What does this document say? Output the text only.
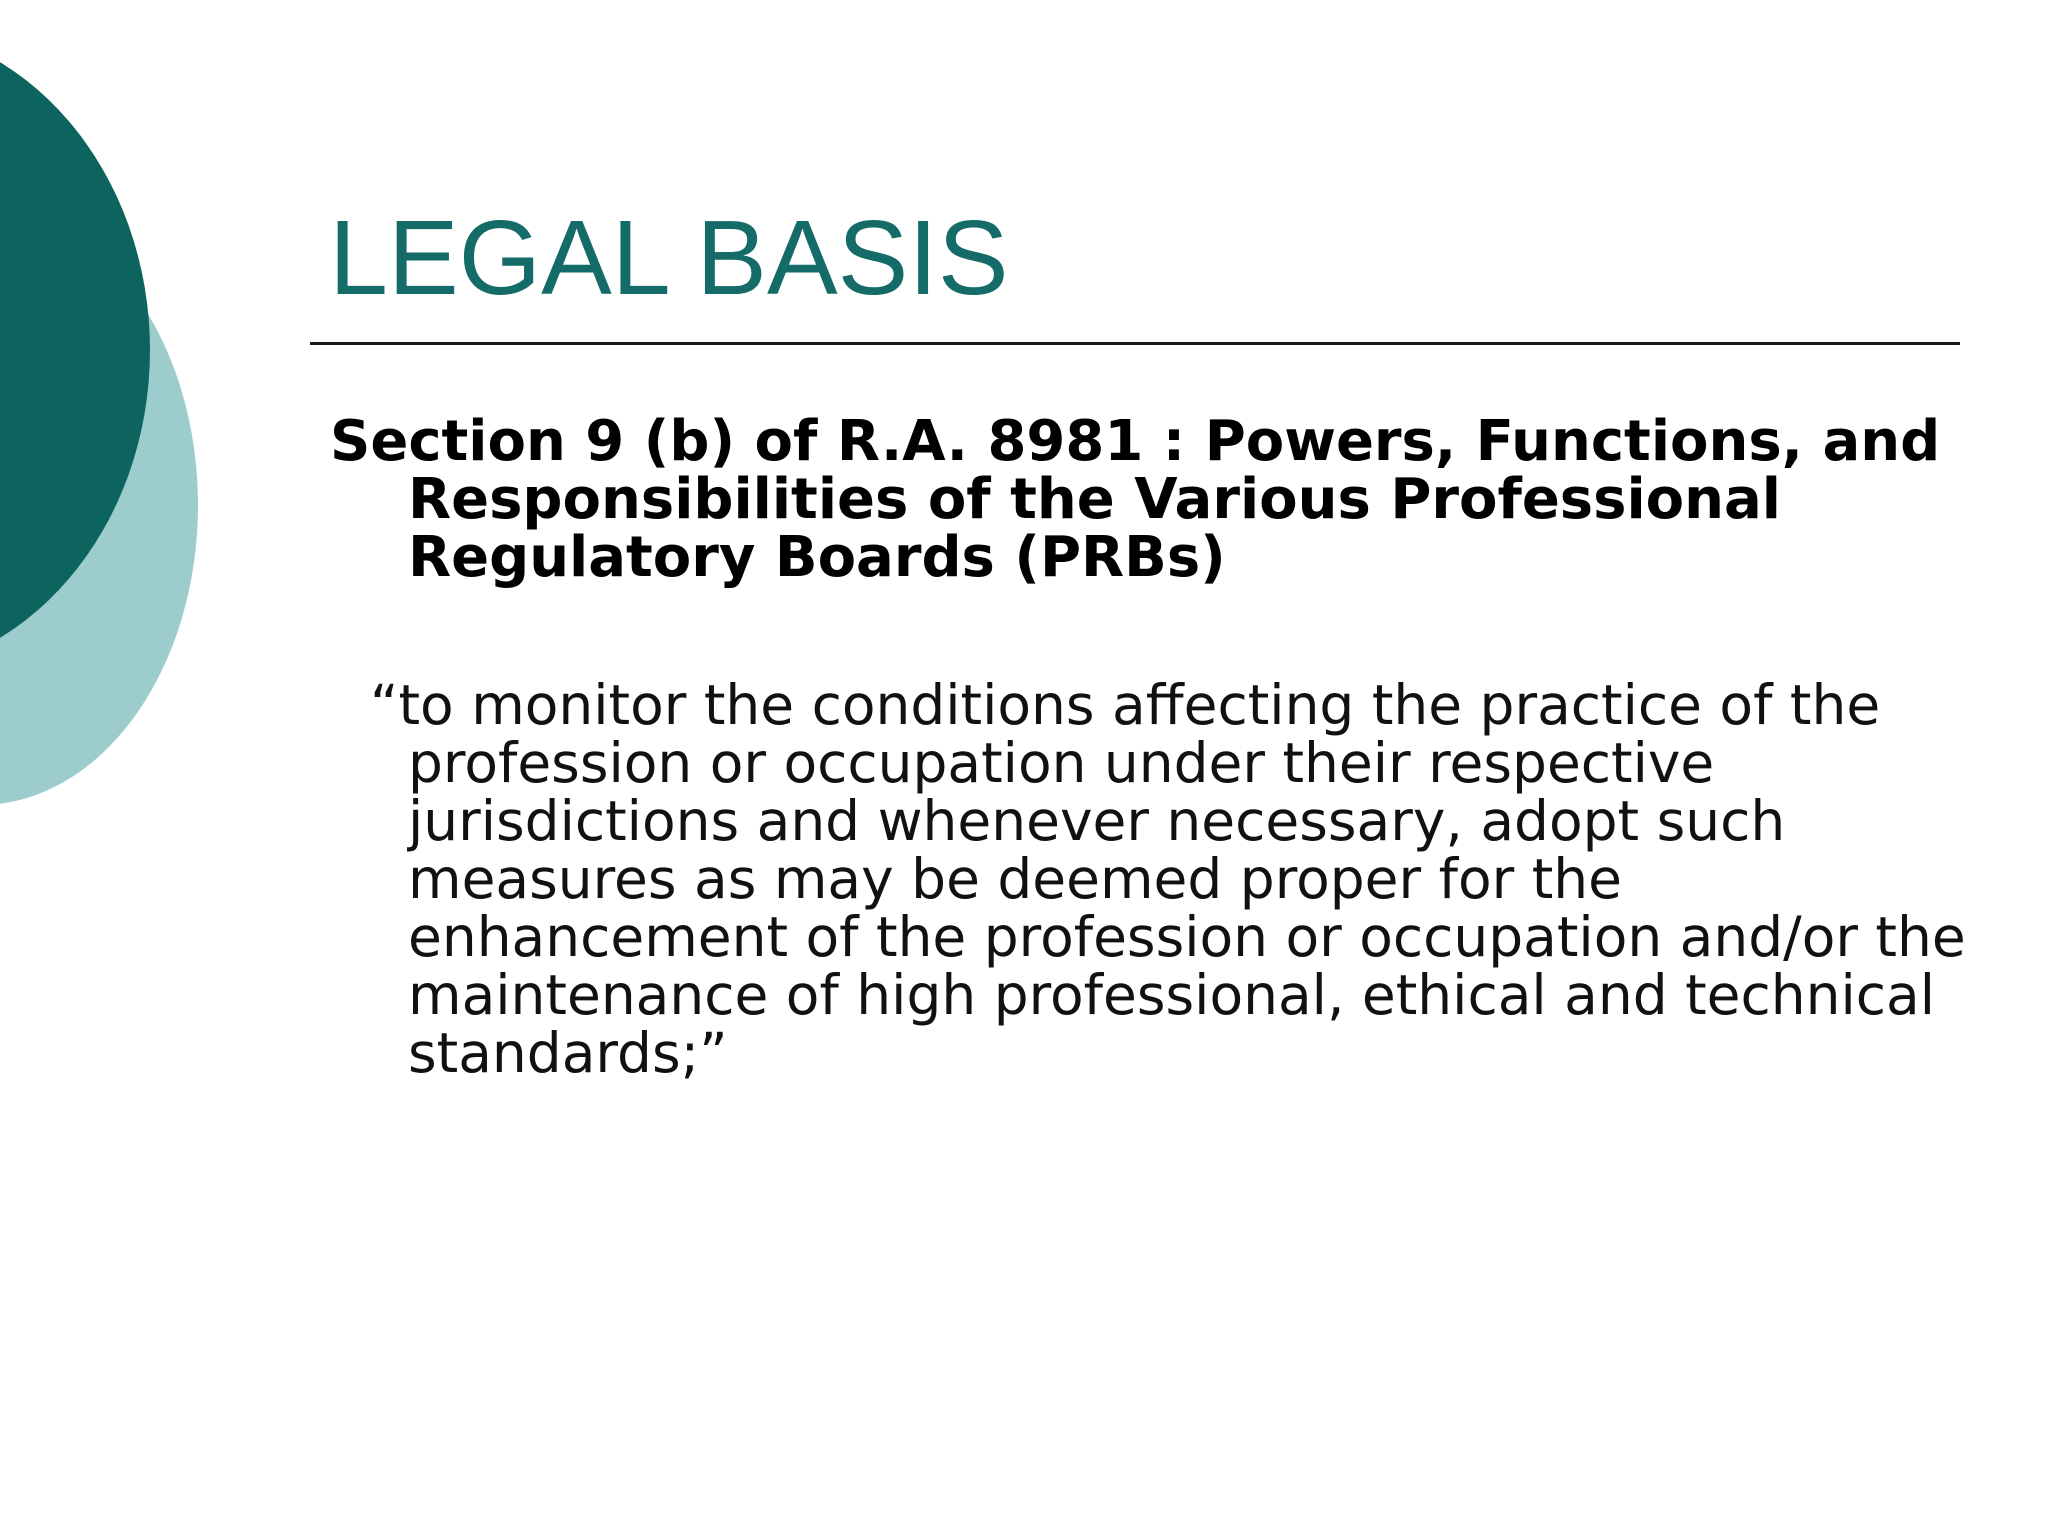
LEGAL BASIS

Section 9 (b) of R.A. 8981 : Powers, Functions, and Responsibilities of the Various Professional Regulatory Boards (PRBs)

“to monitor the conditions affecting the practice of the profession or occupation under their respective jurisdictions and whenever necessary, adopt such measures as may be deemed proper for the enhancement of the profession or occupation and/or the maintenance of high professional, ethical and technical standards;”
